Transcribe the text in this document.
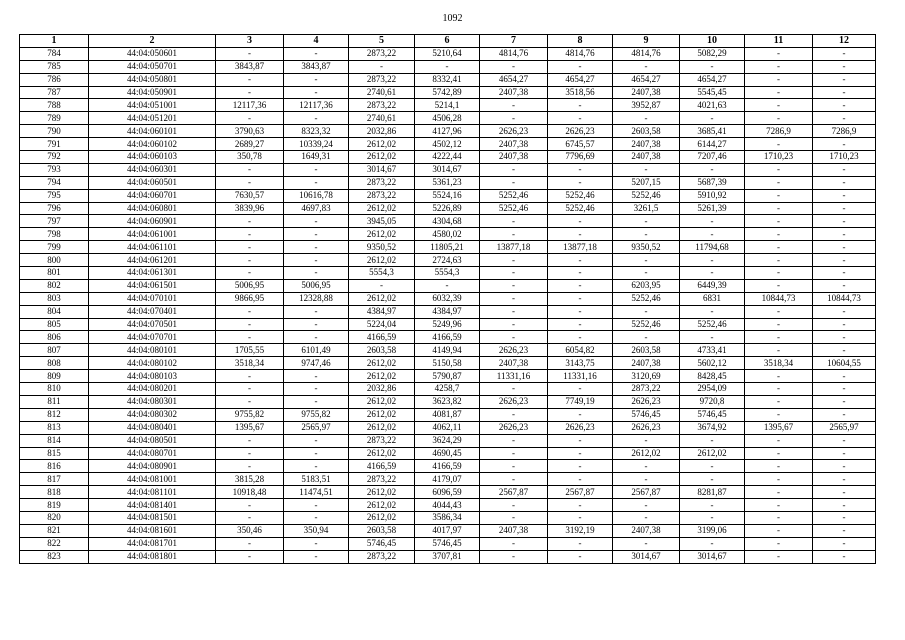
1092
1	2	3	4	5	6	7	8	9	10	11	12
784	44:04:050601	-	-	2873,22	5210,64	4814,76	4814,76	4814,76	5082,29	-	-
785	44:04:050701	3843,87	3843,87	-	-	-	-	-	-	-	-
786	44:04:050801	-	-	2873,22	8332,41	4654,27	4654,27	4654,27	4654,27	-	-
787	44:04:050901	-	-	2740,61	5742,89	2407,38	3518,56	2407,38	5545,45	-	-
788	44:04:051001	12117,36	12117,36	2873,22	5214,1	-	-	3952,87	4021,63	-	-
789	44:04:051201	-	-	2740,61	4506,28	-	-	-	-	-	-
790	44:04:060101	3790,63	8323,32	2032,86	4127,96	2626,23	2626,23	2603,58	3685,41	7286,9	7286,9
791	44:04:060102	2689,27	10339,24	2612,02	4502,12	2407,38	6745,57	2407,38	6144,27	-	-
792	44:04:060103	350,78	1649,31	2612,02	4222,44	2407,38	7796,69	2407,38	7207,46	1710,23	1710,23
793	44:04:060301	-	-	3014,67	3014,67	-	-	-	-	-	-
794	44:04:060501	-	-	2873,22	5361,23	-	-	5207,15	5687,39	-	-
795	44:04:060701	7630,57	10616,78	2873,22	5524,16	5252,46	5252,46	5252,46	5910,92	-	-
796	44:04:060801	3839,96	4697,83	2612,02	5226,89	5252,46	5252,46	3261,5	5261,39	-	-
797	44:04:060901	-	-	3945,05	4304,68	-	-	-	-	-	-
798	44:04:061001	-	-	2612,02	4580,02	-	-	-	-	-	-
799	44:04:061101	-	-	9350,52	11805,21	13877,18	13877,18	9350,52	11794,68	-	-
800	44:04:061201	-	-	2612,02	2724,63	-	-	-	-	-	-
801	44:04:061301	-	-	5554,3	5554,3	-	-	-	-	-	-
802	44:04:061501	5006,95	5006,95	-	-	-	-	6203,95	6449,39	-	-
803	44:04:070101	9866,95	12328,88	2612,02	6032,39	-	-	5252,46	6831	10844,73	10844,73
804	44:04:070401	-	-	4384,97	4384,97	-	-	-	-	-	-
805	44:04:070501	-	-	5224,04	5249,96	-	-	5252,46	5252,46	-	-
806	44:04:070701	-	-	4166,59	4166,59	-	-	-	-	-	-
807	44:04:080101	1705,55	6101,49	2603,58	4149,94	2626,23	6054,82	2603,58	4733,41	-	-
808	44:04:080102	3518,34	9747,46	2612,02	5150,58	2407,38	3143,75	2407,38	5602,12	3518,34	10604,55
809	44:04:080103	-	-	2612,02	5790,87	11331,16	11331,16	3120,69	8428,45	-	-
810	44:04:080201	-	-	2032,86	4258,7	-	-	2873,22	2954,09	-	-
811	44:04:080301	-	-	2612,02	3623,82	2626,23	7749,19	2626,23	9720,8	-	-
812	44:04:080302	9755,82	9755,82	2612,02	4081,87	-	-	5746,45	5746,45	-	-
813	44:04:080401	1395,67	2565,97	2612,02	4062,11	2626,23	2626,23	2626,23	3674,92	1395,67	2565,97
814	44:04:080501	-	-	2873,22	3624,29	-	-	-	-	-	-
815	44:04:080701	-	-	2612,02	4690,45	-	-	2612,02	2612,02	-	-
816	44:04:080901	-	-	4166,59	4166,59	-	-	-	-	-	-
817	44:04:081001	3815,28	5183,51	2873,22	4179,07	-	-	-	-	-	-
818	44:04:081101	10918,48	11474,51	2612,02	6096,59	2567,87	2567,87	2567,87	8281,87	-	-
819	44:04:081401	-	-	2612,02	4044,43	-	-	-	-	-	-
820	44:04:081501	-	-	2612,02	3586,34	-	-	-	-	-	-
821	44:04:081601	350,46	350,94	2603,58	4017,97	2407,38	3192,19	2407,38	3199,06	-	-
822	44:04:081701	-	-	5746,45	5746,45	-	-	-	-	-	-
823	44:04:081801	-	-	2873,22	3707,81	-	-	3014,67	3014,67	-	-
